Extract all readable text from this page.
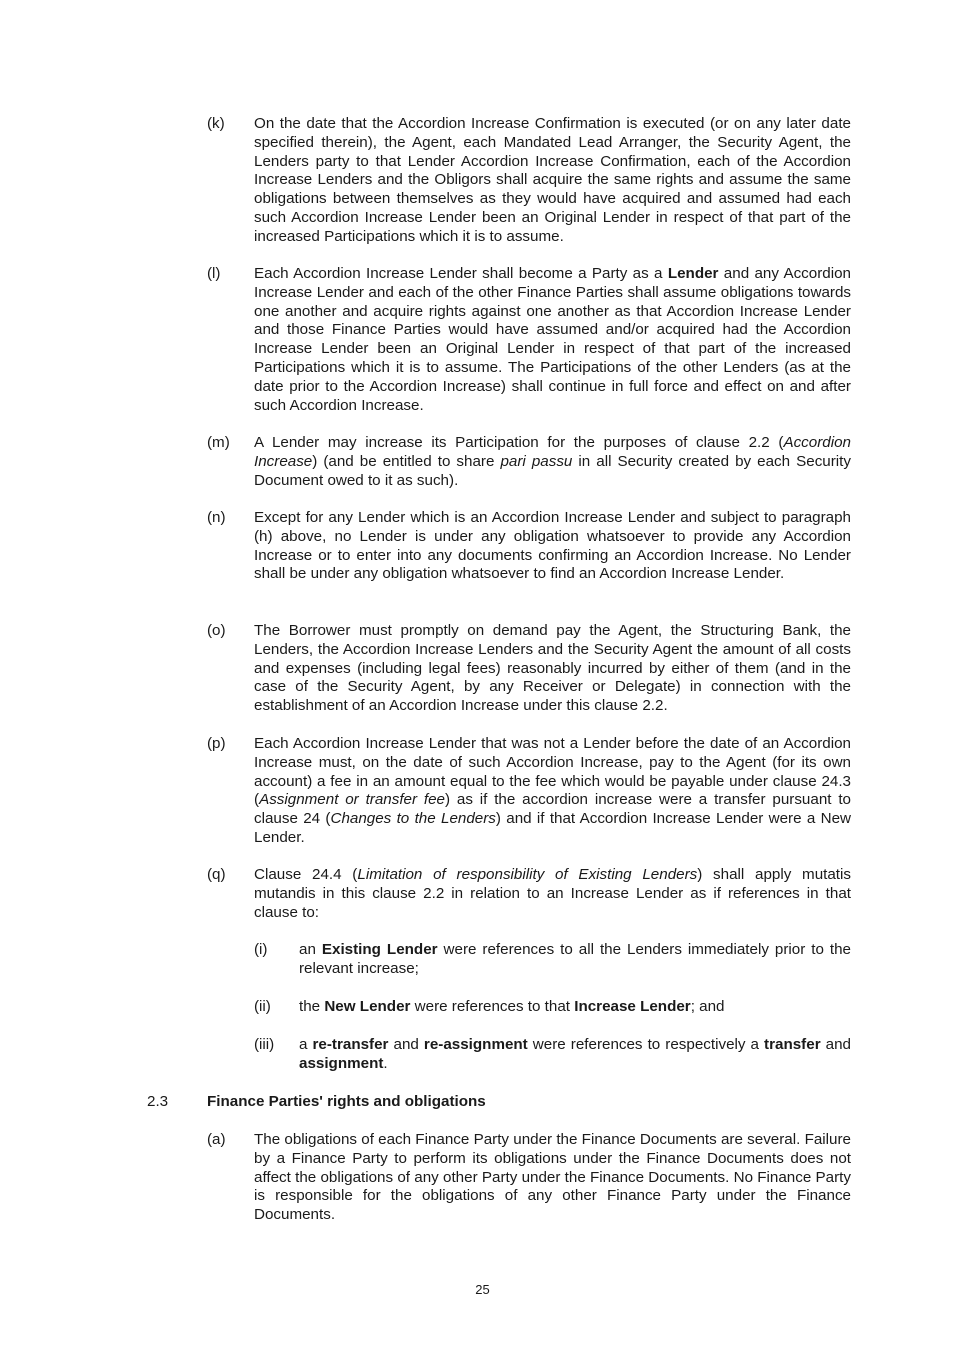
(k) On the date that the Accordion Increase Confirmation is executed (or on any later date specified therein), the Agent, each Mandated Lead Arranger, the Security Agent, the Lenders party to that Lender Accordion Increase Confirmation, each of the Accordion Increase Lenders and the Obligors shall acquire the same rights and assume the same obligations between themselves as they would have acquired and assumed had each such Accordion Increase Lender been an Original Lender in respect of that part of the increased Participations which it is to assume.
(l) Each Accordion Increase Lender shall become a Party as a Lender and any Accordion Increase Lender and each of the other Finance Parties shall assume obligations towards one another and acquire rights against one another as that Accordion Increase Lender and those Finance Parties would have assumed and/or acquired had the Accordion Increase Lender been an Original Lender in respect of that part of the increased Participations which it is to assume. The Participations of the other Lenders (as at the date prior to the Accordion Increase) shall continue in full force and effect on and after such Accordion Increase.
(m) A Lender may increase its Participation for the purposes of clause 2.2 (Accordion Increase) (and be entitled to share pari passu in all Security created by each Security Document owed to it as such).
(n) Except for any Lender which is an Accordion Increase Lender and subject to paragraph (h) above, no Lender is under any obligation whatsoever to provide any Accordion Increase or to enter into any documents confirming an Accordion Increase. No Lender shall be under any obligation whatsoever to find an Accordion Increase Lender.
(o) The Borrower must promptly on demand pay the Agent, the Structuring Bank, the Lenders, the Accordion Increase Lenders and the Security Agent the amount of all costs and expenses (including legal fees) reasonably incurred by either of them (and in the case of the Security Agent, by any Receiver or Delegate) in connection with the establishment of an Accordion Increase under this clause 2.2.
(p) Each Accordion Increase Lender that was not a Lender before the date of an Accordion Increase must, on the date of such Accordion Increase, pay to the Agent (for its own account) a fee in an amount equal to the fee which would be payable under clause 24.3 (Assignment or transfer fee) as if the accordion increase were a transfer pursuant to clause 24 (Changes to the Lenders) and if that Accordion Increase Lender were a New Lender.
(q) Clause 24.4 (Limitation of responsibility of Existing Lenders) shall apply mutatis mutandis in this clause 2.2 in relation to an Increase Lender as if references in that clause to:
(i) an Existing Lender were references to all the Lenders immediately prior to the relevant increase;
(ii) the New Lender were references to that Increase Lender; and
(iii) a re-transfer and re-assignment were references to respectively a transfer and assignment.
2.3	Finance Parties' rights and obligations
(a) The obligations of each Finance Party under the Finance Documents are several. Failure by a Finance Party to perform its obligations under the Finance Documents does not affect the obligations of any other Party under the Finance Documents. No Finance Party is responsible for the obligations of any other Finance Party under the Finance Documents.
25
